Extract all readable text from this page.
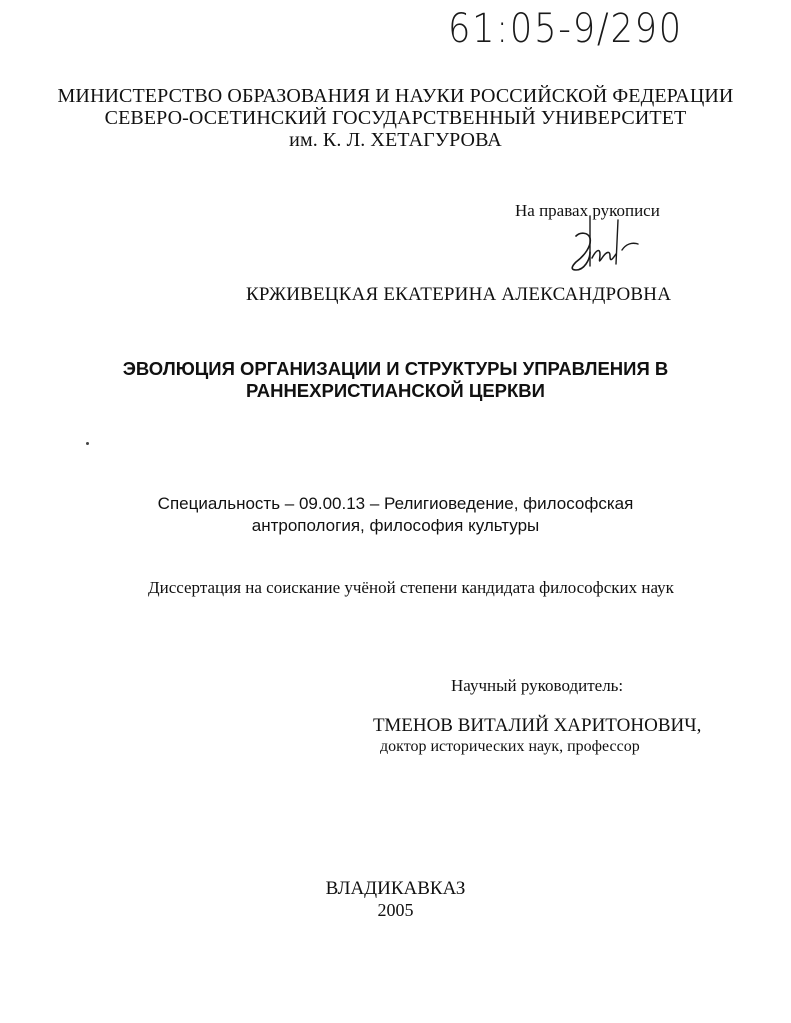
61:05-9/290
МИНИСТЕРСТВО ОБРАЗОВАНИЯ И НАУКИ РОССИЙСКОЙ ФЕДЕРАЦИИ
СЕВЕРО-ОСЕТИНСКИЙ ГОСУДАРСТВЕННЫЙ УНИВЕРСИТЕТ
им. К. Л. ХЕТАГУРОВА
На правах рукописи
КРЖИВЕЦКАЯ ЕКАТЕРИНА АЛЕКСАНДРОВНА
ЭВОЛЮЦИЯ ОРГАНИЗАЦИИ И СТРУКТУРЫ УПРАВЛЕНИЯ В
РАННЕХРИСТИАНСКОЙ ЦЕРКВИ
Специальность – 09.00.13 – Религиоведение, философская
антропология, философия культуры
Диссертация на соискание учёной степени кандидата философских наук
Научный руководитель:
ТМЕНОВ ВИТАЛИЙ ХАРИТОНОВИЧ,
доктор исторических наук, профессор
ВЛАДИКАВКАЗ
2005
